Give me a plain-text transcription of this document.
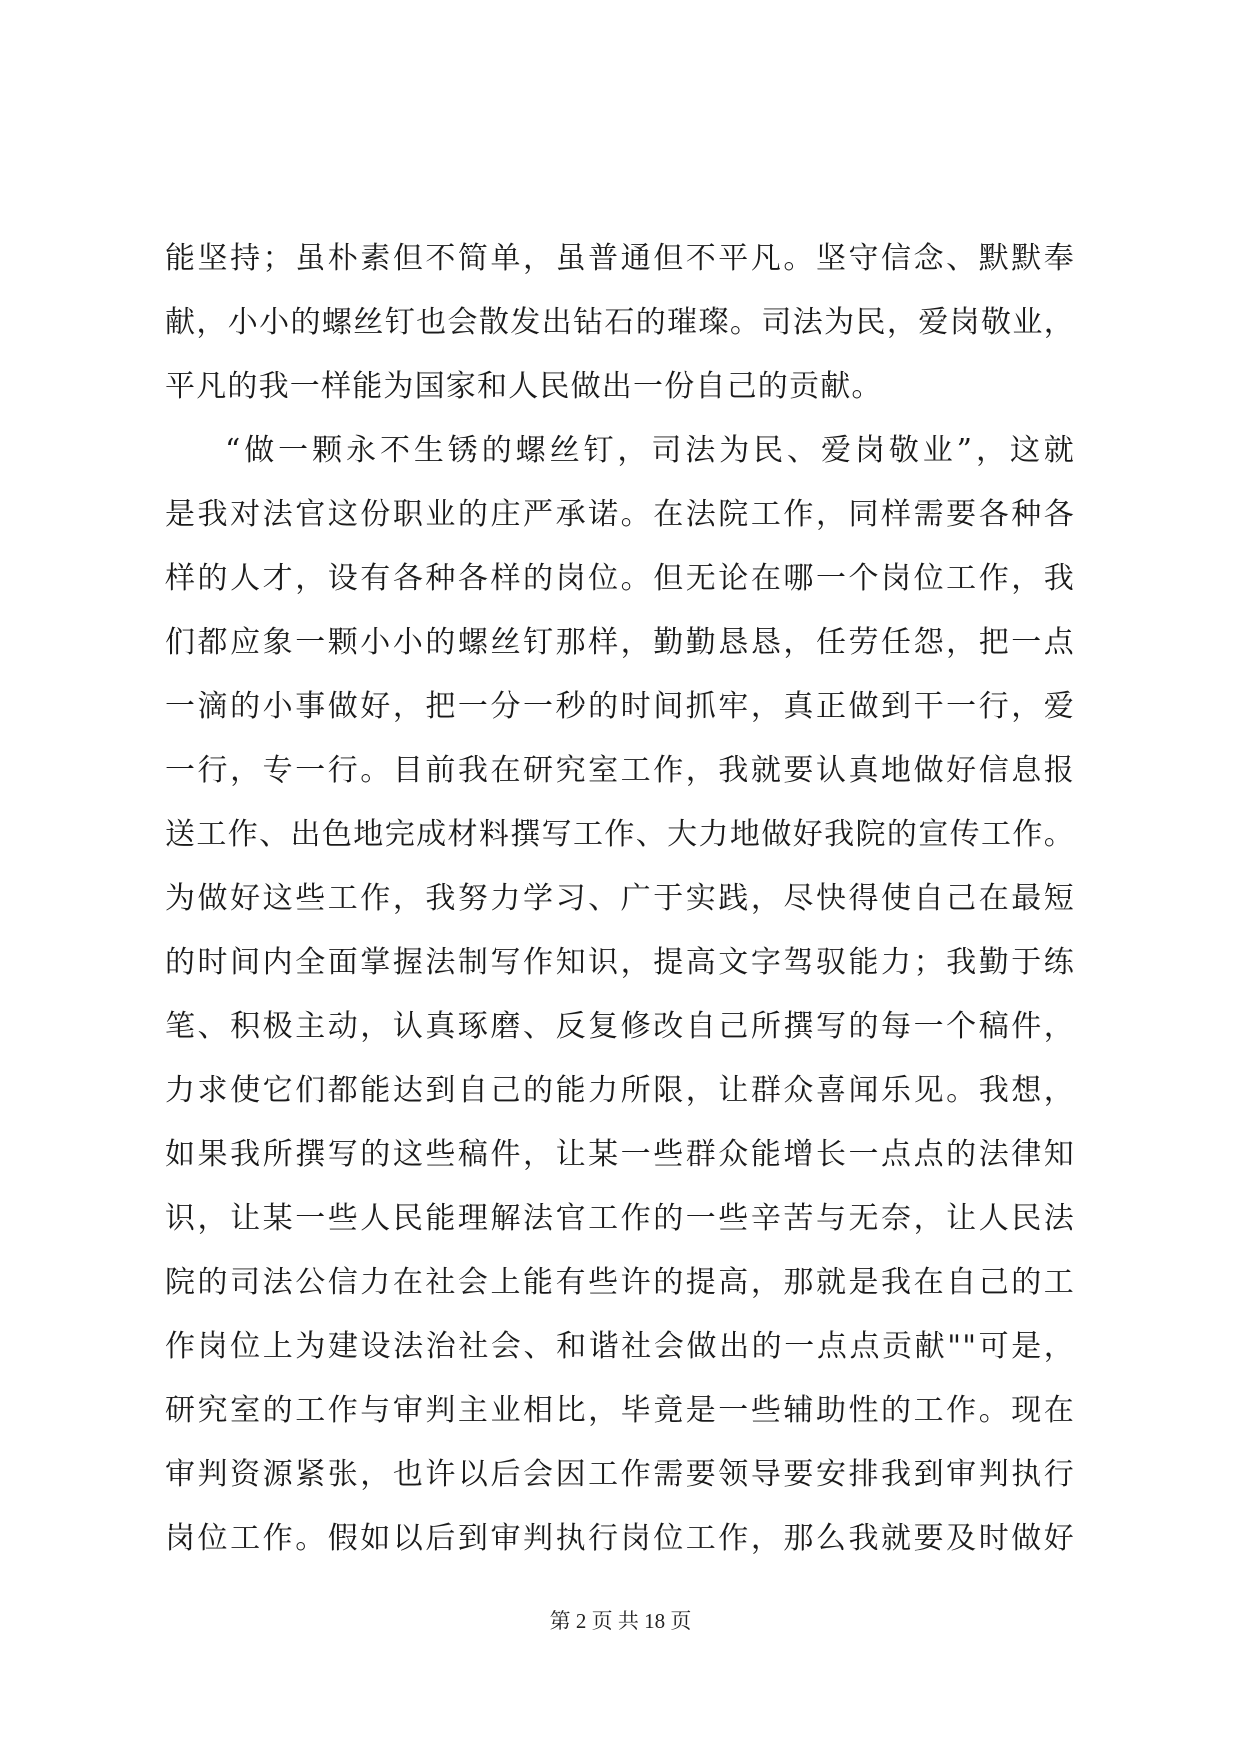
能坚持；虽朴素但不简单，虽普通但不平凡。坚守信念、默默奉
献，小小的螺丝钉也会散发出钻石的璀璨。司法为民，爱岗敬业，
平凡的我一样能为国家和人民做出一份自己的贡献。
“做一颗永不生锈的螺丝钉，司法为民、爱岗敬业”，这就
是我对法官这份职业的庄严承诺。在法院工作，同样需要各种各
样的人才，设有各种各样的岗位。但无论在哪一个岗位工作，我
们都应象一颗小小的螺丝钉那样，勤勤恳恳，任劳任怨，把一点
一滴的小事做好，把一分一秒的时间抓牢，真正做到干一行，爱
一行，专一行。目前我在研究室工作，我就要认真地做好信息报
送工作、出色地完成材料撰写工作、大力地做好我院的宣传工作。
为做好这些工作，我努力学习、广于实践，尽快得使自己在最短
的时间内全面掌握法制写作知识，提高文字驾驭能力；我勤于练
笔、积极主动，认真琢磨、反复修改自己所撰写的每一个稿件，
力求使它们都能达到自己的能力所限，让群众喜闻乐见。我想，
如果我所撰写的这些稿件，让某一些群众能增长一点点的法律知
识，让某一些人民能理解法官工作的一些辛苦与无奈，让人民法
院的司法公信力在社会上能有些许的提高，那就是我在自己的工
作岗位上为建设法治社会、和谐社会做出的一点点贡献""可是，
研究室的工作与审判主业相比，毕竟是一些辅助性的工作。现在
审判资源紧张，也许以后会因工作需要领导要安排我到审判执行
岗位工作。假如以后到审判执行岗位工作，那么我就要及时做好
第 2 页 共 18 页
